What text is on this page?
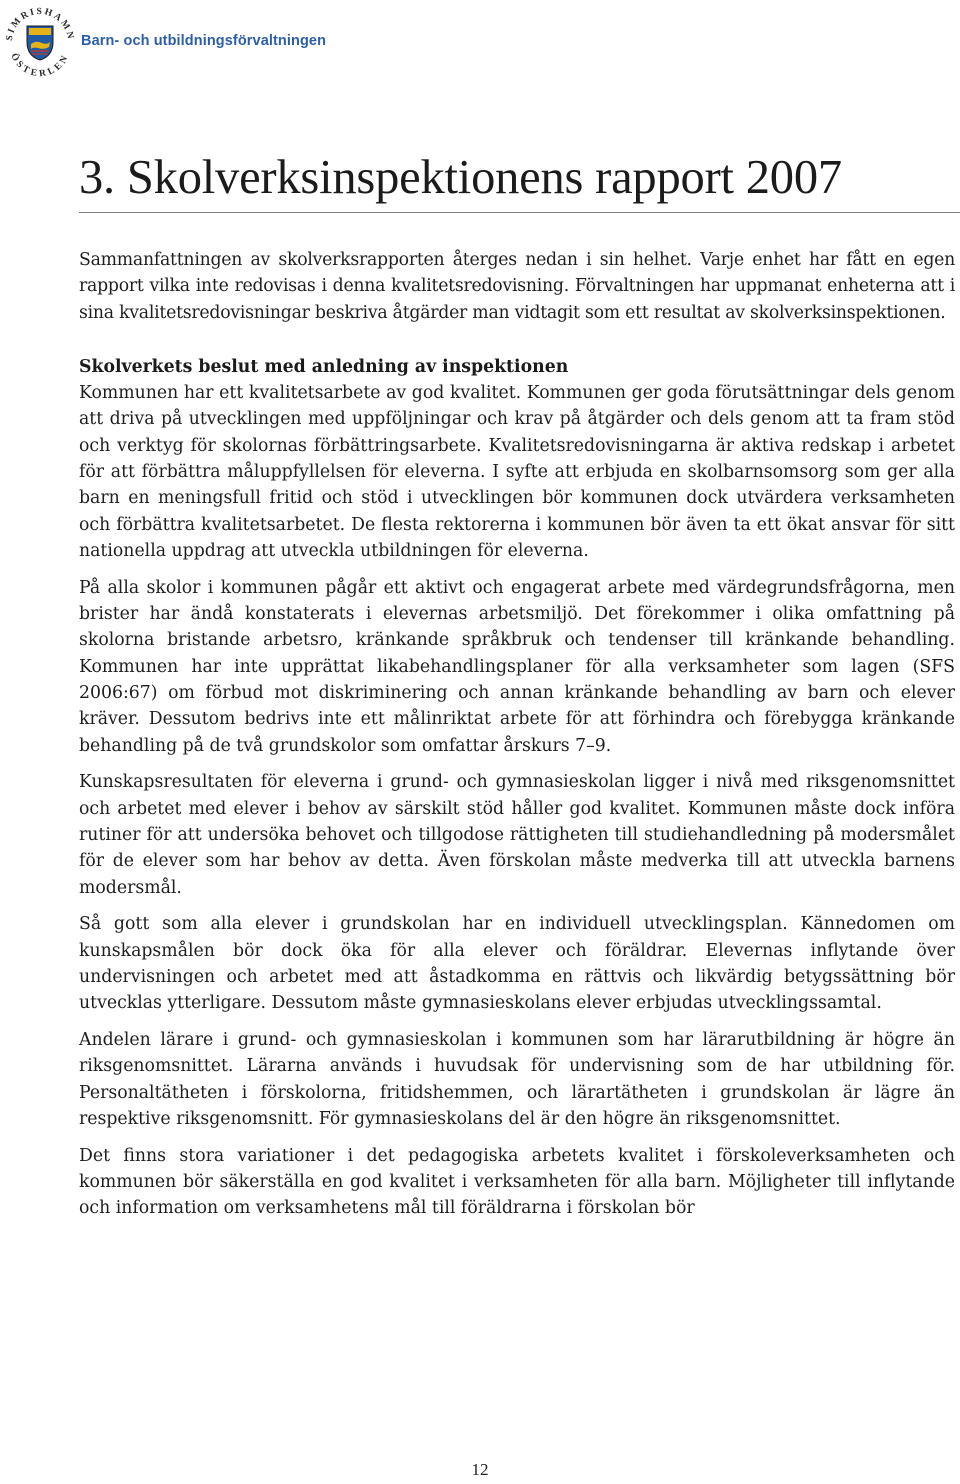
SIMRISHAMN
ÖSTERLEN
Barn- och utbildningsförvaltningen
3. Skolverksinspektionens rapport 2007

Sammanfattningen av skolverksrapporten återges nedan i sin helhet. Varje enhet har fått en egen rapport vilka inte redovisas i denna kvalitetsredovisning. Förvaltningen har uppmanat enheterna att i sina kvalitetsredovisningar beskriva åtgärder man vidtagit som ett resultat av skolverksinspektionen.

Skolverkets beslut med anledning av inspektionen

Kommunen har ett kvalitetsarbete av god kvalitet. Kommunen ger goda förutsättningar dels genom att driva på utvecklingen med uppföljningar och krav på åtgärder och dels genom att ta fram stöd och verktyg för skolornas förbättringsarbete. Kvalitetsredovisningarna är aktiva redskap i arbetet för att förbättra måluppfyllelsen för eleverna. I syfte att erbjuda en skolbarnsomsorg som ger alla barn en meningsfull fritid och stöd i utvecklingen bör kommunen dock utvärdera verksamheten och förbättra kvalitetsarbetet. De flesta rektorerna i kommunen bör även ta ett ökat ansvar för sitt nationella uppdrag att utveckla utbildningen för eleverna.

På alla skolor i kommunen pågår ett aktivt och engagerat arbete med värdegrundsfrågorna, men brister har ändå konstaterats i elevernas arbetsmiljö. Det förekommer i olika omfattning på skolorna bristande arbetsro, kränkande språkbruk och tendenser till kränkande behandling. Kommunen har inte upprättat likabehandlingsplaner för alla verksamheter som lagen (SFS 2006:67) om förbud mot diskriminering och annan kränkande behandling av barn och elever kräver. Dessutom bedrivs inte ett målinriktat arbete för att förhindra och förebygga kränkande behandling på de två grundskolor som omfattar årskurs 7–9.

Kunskapsresultaten för eleverna i grund- och gymnasieskolan ligger i nivå med riksgenomsnittet och arbetet med elever i behov av särskilt stöd håller god kvalitet. Kommunen måste dock införa rutiner för att undersöka behovet och tillgodose rättigheten till studiehandledning på modersmålet för de elever som har behov av detta. Även förskolan måste medverka till att utveckla barnens modersmål.

Så gott som alla elever i grundskolan har en individuell utvecklingsplan. Kännedomen om kunskapsmålen bör dock öka för alla elever och föräldrar. Elevernas inflytande över undervisningen och arbetet med att åstadkomma en rättvis och likvärdig betygssättning bör utvecklas ytterligare. Dessutom måste gymnasieskolans elever erbjudas utvecklingssamtal.

Andelen lärare i grund- och gymnasieskolan i kommunen som har lärarutbildning är högre än riksgenomsnittet. Lärarna används i huvudsak för undervisning som de har utbildning för. Personaltätheten i förskolorna, fritidshemmen, och lärartätheten i grundskolan är lägre än respektive riksgenomsnitt. För gymnasieskolans del är den högre än riksgenomsnittet.

Det finns stora variationer i det pedagogiska arbetets kvalitet i förskoleverksamheten och kommunen bör säkerställa en god kvalitet i verksamheten för alla barn. Möjligheter till inflytande och information om verksamhetens mål till föräldrarna i förskolan bör

12
